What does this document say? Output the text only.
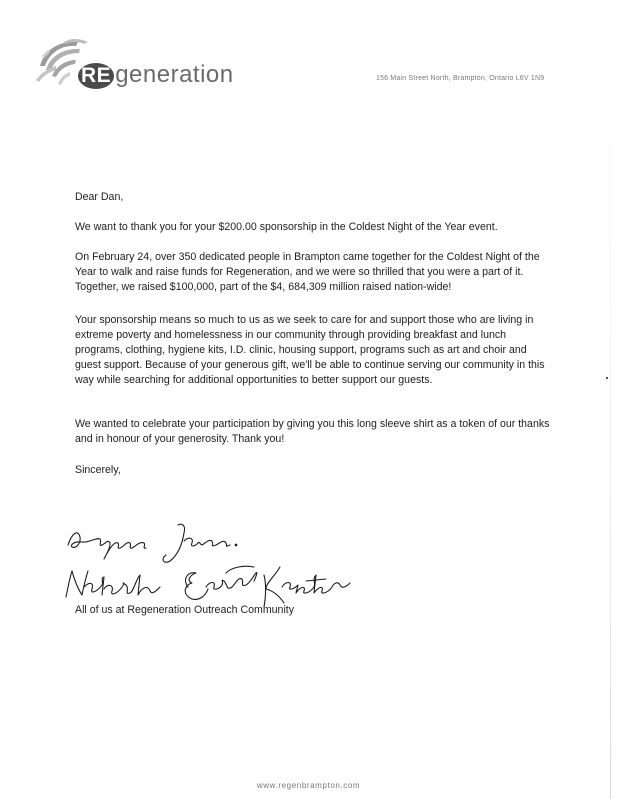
RE generation	156 Main Street North, Brampton, Ontario L6V 1N9

Dear Dan,

We want to thank you for your $200.00 sponsorship in the Coldest Night of the Year event.

On February 24, over 350 dedicated people in Brampton came together for the Coldest Night of the Year to walk and raise funds for Regeneration, and we were so thrilled that you were a part of it. Together, we raised $100,000, part of the $4, 684,309 million raised nation-wide!

Your sponsorship means so much to us as we seek to care for and support those who are living in extreme poverty and homelessness in our community through providing breakfast and lunch programs, clothing, hygiene kits, I.D. clinic, housing support, programs such as art and choir and guest support. Because of your generous gift, we'll be able to continue serving our community in this way while searching for additional opportunities to better support our guests.

We wanted to celebrate your participation by giving you this long sleeve shirt as a token of our thanks and in honour of your generosity. Thank you!

Sincerely,

All of us at Regeneration Outreach Community
www.regenbrampton.com
